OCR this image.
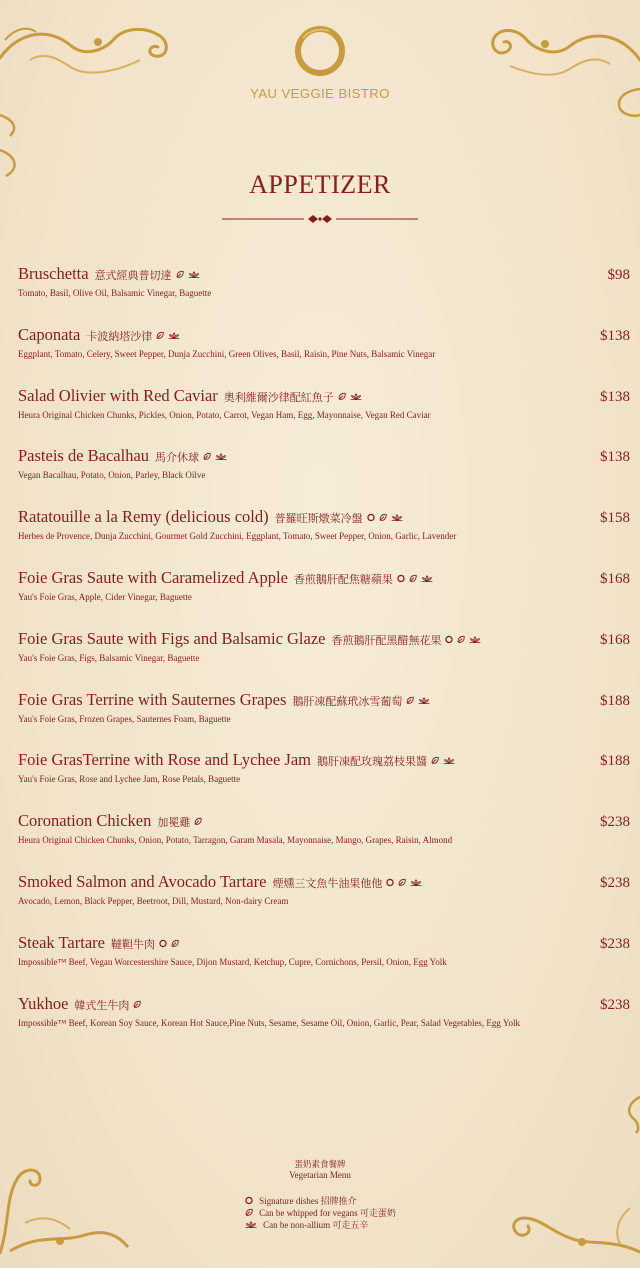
YAU VEGGIE BISTRO
APPETIZER
Bruschetta 意式經典普切達
Tomato, Basil, Olive Oil, Balsamic Vinegar, Baguette
$98
Caponata 卡波納塔沙律
Eggplant, Tomato, Celery, Sweet Pepper, Dunja Zucchini, Green Olives, Basil, Raisin, Pine Nuts, Balsamic Vinegar
$138
Salad Olivier with Red Caviar 奧利維爾沙律配紅魚子
Heura Original Chicken Chunks, Pickles, Onion, Potato, Carrot, Vegan Ham, Egg, Mayonnaise, Vegan Red Caviar
$138
Pasteis de Bacalhau 馬介休球
Vegan Bacalhau, Potato, Onion, Parley, Black Oilve
$138
Ratatouille a la Remy (delicious cold) 普羅旺斯燉菜冷盤
Herbes de Provence, Dunja Zucchini, Gourmet Gold Zucchini, Eggplant, Tomato, Sweet Pepper, Onion, Garlic, Lavender
$158
Foie Gras Saute with Caramelized Apple 香煎鵝肝配焦糖蘋果
Yau's Foie Gras, Apple, Cider Vinegar, Baguette
$168
Foie Gras Saute with Figs and Balsamic Glaze 香煎鵝肝配黑醋無花果
Yau's Foie Gras, Figs, Balsamic Vinegar, Baguette
$168
Foie Gras Terrine with Sauternes Grapes 鵝肝凍配蘇玳冰雪葡萄
Yau's Foie Gras, Frozen Grapes, Sauternes Foam, Baguette
$188
Foie GrasTerrine with Rose and Lychee Jam 鵝肝凍配玫瑰荔枝果醬
Yau's Foie Gras, Rose and Lychee Jam, Rose Petals, Baguette
$188
Coronation Chicken 加冕雞
Heura Original Chicken Chunks, Onion, Potato, Tarragon, Garam Masala, Mayonnaise, Mango, Grapes, Raisin, Almond
$238
Smoked Salmon and Avocado Tartare 煙燻三文魚牛油果他他
Avocado, Lemon, Black Pepper, Beetroot, Dill, Mustard, Non-dairy Cream
$238
Steak Tartare 韃靼牛肉
Impossible™ Beef, Vegan Worcestershire Sauce, Dijon Mustard, Ketchup, Cupre, Cornichons, Persil, Onion, Egg Yolk
$238
Yukhoe 韓式生牛肉
Impossible™ Beef, Korean Soy Sauce, Korean Hot Sauce,Pine Nuts, Sesame, Sesame Oil, Onion, Garlic, Pear, Salad Vegetables, Egg Yolk
$238
蛋奶素食餐牌
Vegetarian Menu
Signature dishes 招牌推介
Can be whipped for vegans 可走蛋奶
Can be non-allium 可走五辛
